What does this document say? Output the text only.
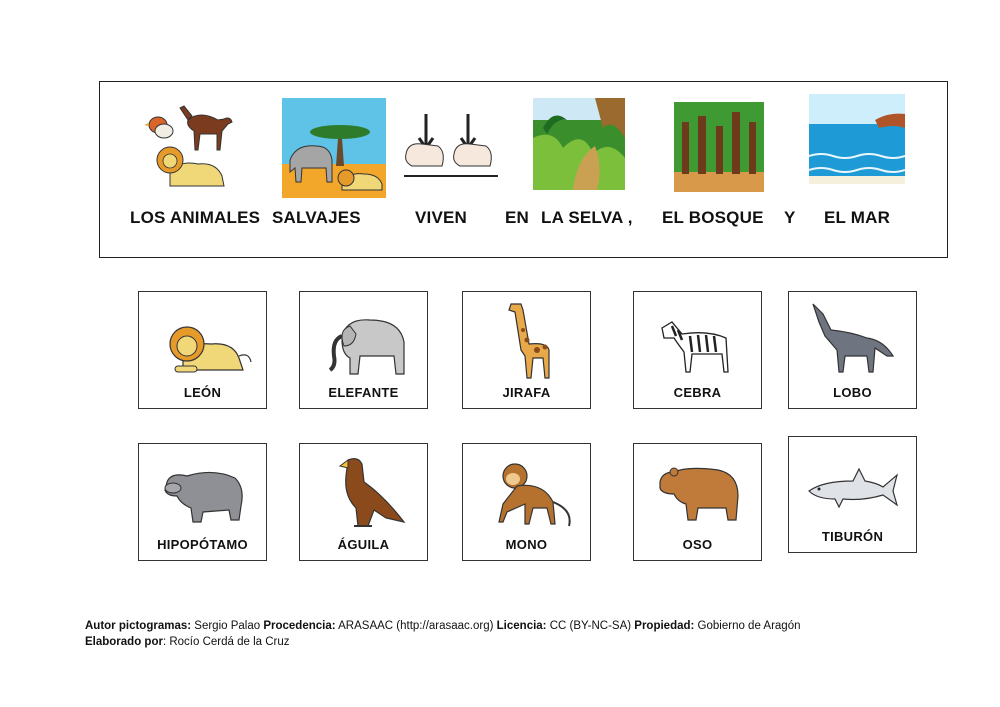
LOS ANIMALES SALVAJES	VIVEN EN LA SELVA , EL BOSQUE Y EL MAR
LEÓN	ELEFANTE	JIRAFA	CEBRA	LOBO
HIPOPÓTAMO	ÁGUILA	MONO	OSO
TIBURÓN
Autor pictogramas: Sergio Palao Procedencia: ARASAAC (http://arasaac.org) Licencia: CC (BY-NC-SA) Propiedad: Gobierno de Aragón
Elaborado por: Rocío Cerdá de la Cruz
